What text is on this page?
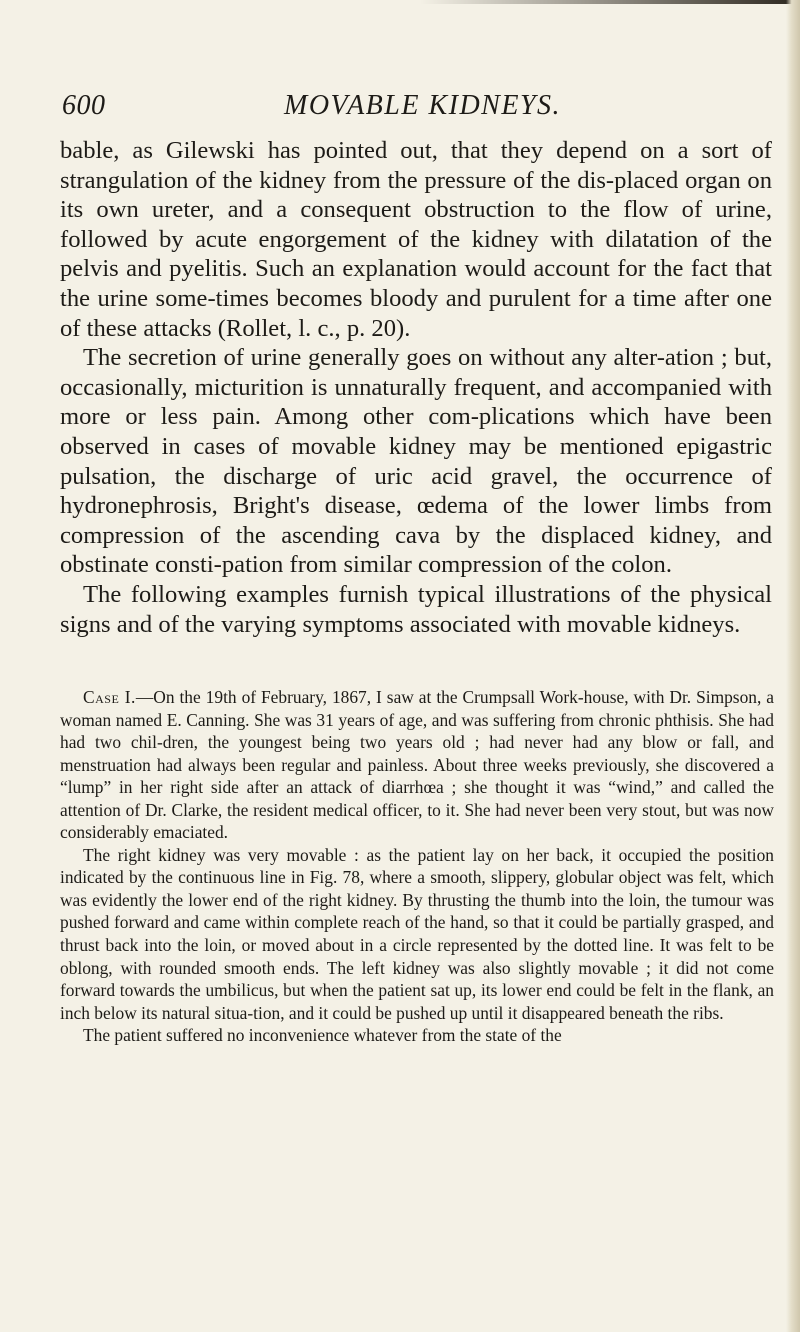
600	MOVABLE KIDNEYS.

bable, as Gilewski has pointed out, that they depend on a sort of strangulation of the kidney from the pressure of the dis-placed organ on its own ureter, and a consequent obstruction to the flow of urine, followed by acute engorgement of the kidney with dilatation of the pelvis and pyelitis. Such an explanation would account for the fact that the urine some-times becomes bloody and purulent for a time after one of these attacks (Rollet, l. c., p. 20).

The secretion of urine generally goes on without any alter-ation ; but, occasionally, micturition is unnaturally frequent, and accompanied with more or less pain. Among other com-plications which have been observed in cases of movable kidney may be mentioned epigastric pulsation, the discharge of uric acid gravel, the occurrence of hydronephrosis, Bright's disease, œdema of the lower limbs from compression of the ascending cava by the displaced kidney, and obstinate consti-pation from similar compression of the colon.

The following examples furnish typical illustrations of the physical signs and of the varying symptoms associated with movable kidneys.

Case I.—On the 19th of February, 1867, I saw at the Crumpsall Work-house, with Dr. Simpson, a woman named E. Canning. She was 31 years of age, and was suffering from chronic phthisis. She had had two chil-dren, the youngest being two years old ; had never had any blow or fall, and menstruation had always been regular and painless. About three weeks previously, she discovered a “lump” in her right side after an attack of diarrhœa ; she thought it was “wind,” and called the attention of Dr. Clarke, the resident medical officer, to it. She had never been very stout, but was now considerably emaciated.

The right kidney was very movable : as the patient lay on her back, it occupied the position indicated by the continuous line in Fig. 78, where a smooth, slippery, globular object was felt, which was evidently the lower end of the right kidney. By thrusting the thumb into the loin, the tumour was pushed forward and came within complete reach of the hand, so that it could be partially grasped, and thrust back into the loin, or moved about in a circle represented by the dotted line. It was felt to be oblong, with rounded smooth ends. The left kidney was also slightly movable ; it did not come forward towards the umbilicus, but when the patient sat up, its lower end could be felt in the flank, an inch below its natural situa-tion, and it could be pushed up until it disappeared beneath the ribs.

The patient suffered no inconvenience whatever from the state of the
